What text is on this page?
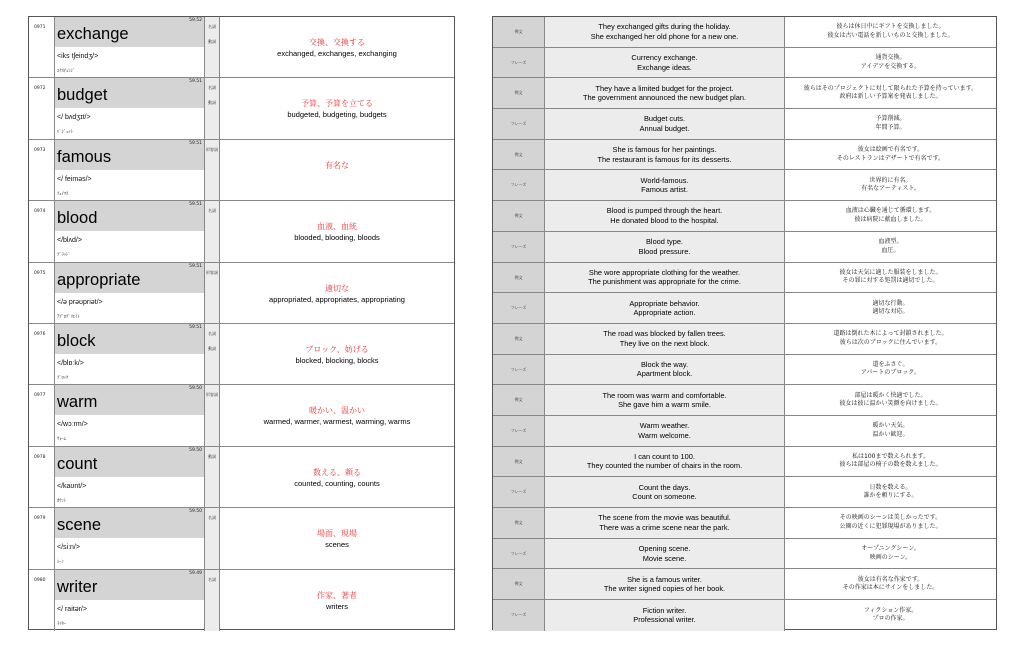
0971
59.52
exchange
<iks tʃeindʒ/>
ｴｸｽﾁｪﾝｼﾞ
名詞
動詞	交換、交換する
exchanged, exchanges, exchanging
0972
59.51
budget
</ bʌdʒɪt/>
ﾊﾞｼﾞｪｯﾄ
名詞
動詞	予算、予算を立てる
budgeted, budgeting, budgets
0973
59.51
famous
</ feiməs/>
ﾌｪｲﾏｽ
形容詞
有名な
0974
59.51
blood
</blʌd/>
ﾌﾞﾗｯﾄﾞ
名詞
血液、血統
blooded, blooding, bloods
0975
59.51
appropriate
</ə prəʊpriət/>
ｱﾌﾟﾛﾌﾟﾘｴｲﾄ
形容詞
適切な
appropriated, appropriates, appropriating
0976
59.51
block
</blɒːk/>
ﾌﾞﾛｯｸ
名詞
動詞	ブロック、妨げる
blocked, blocking, blocks
0977
59.50
warm
</wɔːrm/>
ｳｫｰﾑ
形容詞
暖かい、温かい
warmed, warmer, warmest, warming, warms
0978
59.50
count
</kaʊnt/>
ｶｳﾝﾄ
動詞
数える、頼る
counted, counting, counts
0979
59.50
scene
</siːn/>
ｼｰﾝ
名詞
場面、現場
scenes
0980
59.49
writer
</ raitər/>
ﾗｲﾀｰ
名詞
作家、著者
writers
例文
They exchanged gifts during the holiday.
She exchanged her old phone for a new one.
彼らは休日中にギフトを交換しました。
彼女は古い電話を新しいものと交換しました。
フレーズ
Currency exchange.
Exchange ideas.
通貨交換。
アイデアを交換する。
例文
They have a limited budget for the project.
The government announced the new budget plan.
彼らはそのプロジェクトに対して限られた予算を持っています。
政府は新しい予算案を発表しました。
フレーズ
Budget cuts.
Annual budget.
予算削減。
年間予算。
例文
She is famous for her paintings.
The restaurant is famous for its desserts.
彼女は絵画で有名です。
そのレストランはデザートで有名です。
フレーズ
World-famous.
Famous artist.
世界的に有名。
有名なアーティスト。
例文
Blood is pumped through the heart.
He donated blood to the hospital.
血液は心臓を通じて循環します。
彼は病院に献血しました。
フレーズ
Blood type.
Blood pressure.
血液型。
血圧。
例文
She wore appropriate clothing for the weather.
The punishment was appropriate for the crime.
彼女は天気に適した服装をしました。
その罪に対する処罰は適切でした。
フレーズ
Appropriate behavior.
Appropriate action.
適切な行動。
適切な対応。
例文
The road was blocked by fallen trees.
They live on the next block.
道路は倒れた木によって封鎖されました。
彼らは次のブロックに住んでいます。
フレーズ
Block the way.
Apartment block.
道をふさぐ。
アパートのブロック。
例文
The room was warm and comfortable.
She gave him a warm smile.
部屋は暖かく快適でした。
彼女は彼に温かい笑顔を向けました。
フレーズ
Warm weather.
Warm welcome.
暖かい天気。
温かい歓迎。
例文
I can count to 100.
They counted the number of chairs in the room.
私は100まで数えられます。
彼らは部屋の椅子の数を数えました。
フレーズ
Count the days.
Count on someone.
日数を数える。
誰かを頼りにする。
例文
The scene from the movie was beautiful.
There was a crime scene near the park.
その映画のシーンは美しかったです。
公園の近くに犯罪現場がありました。
フレーズ
Opening scene.
Movie scene.
オープニングシーン。
映画のシーン。
例文
She is a famous writer.
The writer signed copies of her book.
彼女は有名な作家です。
その作家は本にサインをしました。
フレーズ	Fiction writer.
Professional writer.
フィクション作家。
プロの作家。
